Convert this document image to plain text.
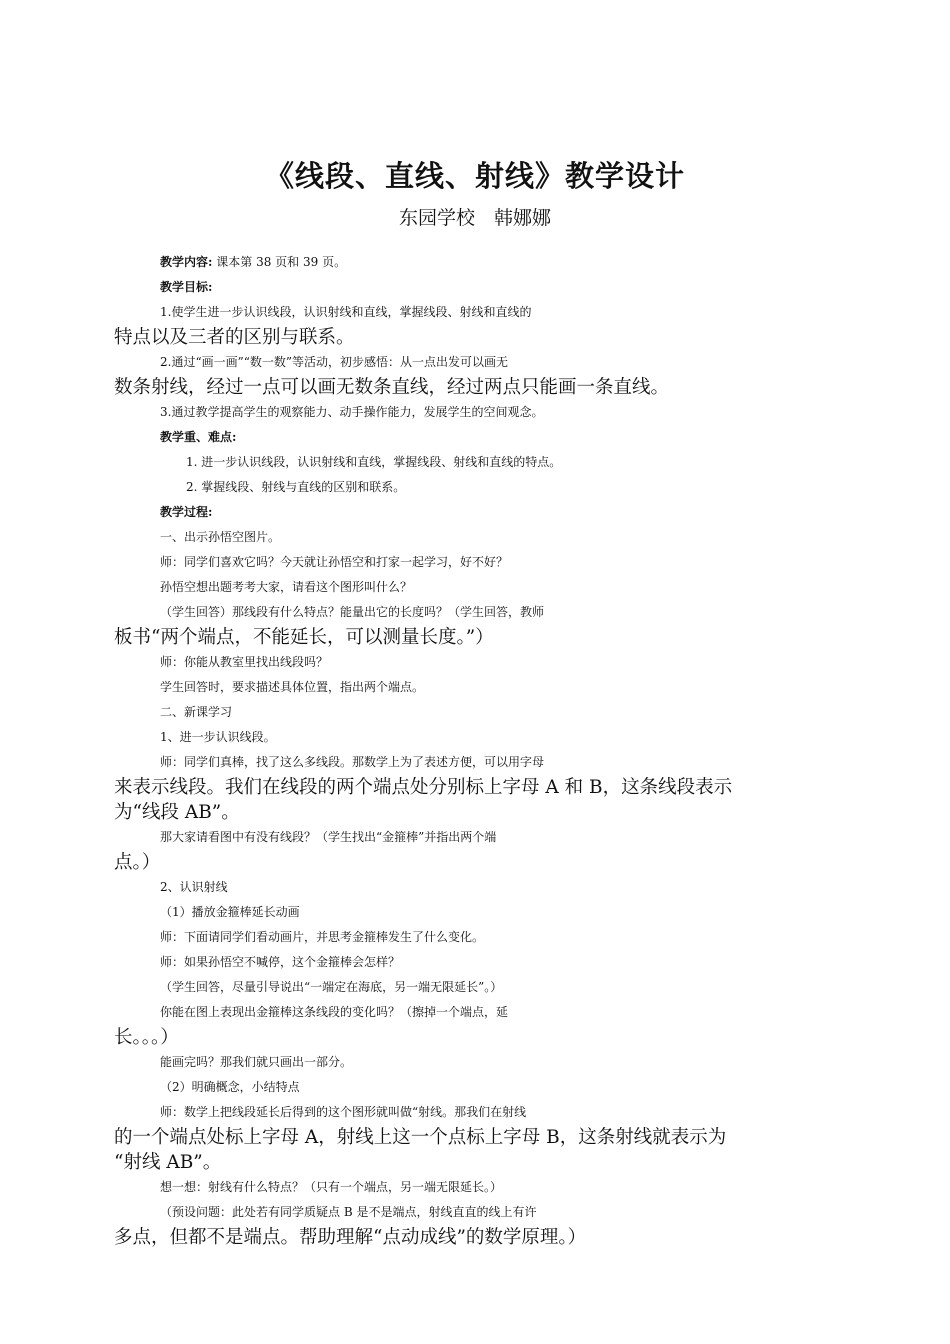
《线段、直线、射线》教学设计
东园学校　韩娜娜
教学内容: 课本第 38 页和 39 页。
教学目标:
1.使学生进一步认识线段，认识射线和直线，掌握线段、射线和直线的
特点以及三者的区别与联系。
2.通过“画一画”“数一数”等活动，初步感悟：从一点出发可以画无
数条射线，经过一点可以画无数条直线，经过两点只能画一条直线。
3.通过教学提高学生的观察能力、动手操作能力，发展学生的空间观念。
教学重、难点:
1. 进一步认识线段，认识射线和直线，掌握线段、射线和直线的特点。
2. 掌握线段、射线与直线的区别和联系。
教学过程:
一、出示孙悟空图片。
师：同学们喜欢它吗？今天就让孙悟空和打家一起学习，好不好？
孙悟空想出题考考大家，请看这个图形叫什么？
（学生回答）那线段有什么特点？能量出它的长度吗？（学生回答，教师
板书“两个端点，不能延长，可以测量长度。”）
师：你能从教室里找出线段吗？
学生回答时，要求描述具体位置，指出两个端点。
二、新课学习
1、进一步认识线段。
师：同学们真棒，找了这么多线段。那数学上为了表述方便，可以用字母
来表示线段。我们在线段的两个端点处分别标上字母 A 和 B，这条线段表示
为“线段 AB”。
那大家请看图中有没有线段？（学生找出“金箍棒”并指出两个端
点。）
2、认识射线
（1）播放金箍棒延长动画
师：下面请同学们看动画片，并思考金箍棒发生了什么变化。
师：如果孙悟空不喊停，这个金箍棒会怎样？
（学生回答，尽量引导说出“一端定在海底，另一端无限延长”。）
你能在图上表现出金箍棒这条线段的变化吗？（擦掉一个端点，延
长。。。）
能画完吗？那我们就只画出一部分。
（2）明确概念，小结特点
师：数学上把线段延长后得到的这个图形就叫做“射线。那我们在射线
的一个端点处标上字母 A，射线上这一个点标上字母 B，这条射线就表示为
“射线 AB”。
想一想：射线有什么特点？（只有一个端点，另一端无限延长。）
（预设问题：此处若有同学质疑点 B 是不是端点，射线直直的线上有许
多点，但都不是端点。帮助理解“点动成线”的数学原理。）
